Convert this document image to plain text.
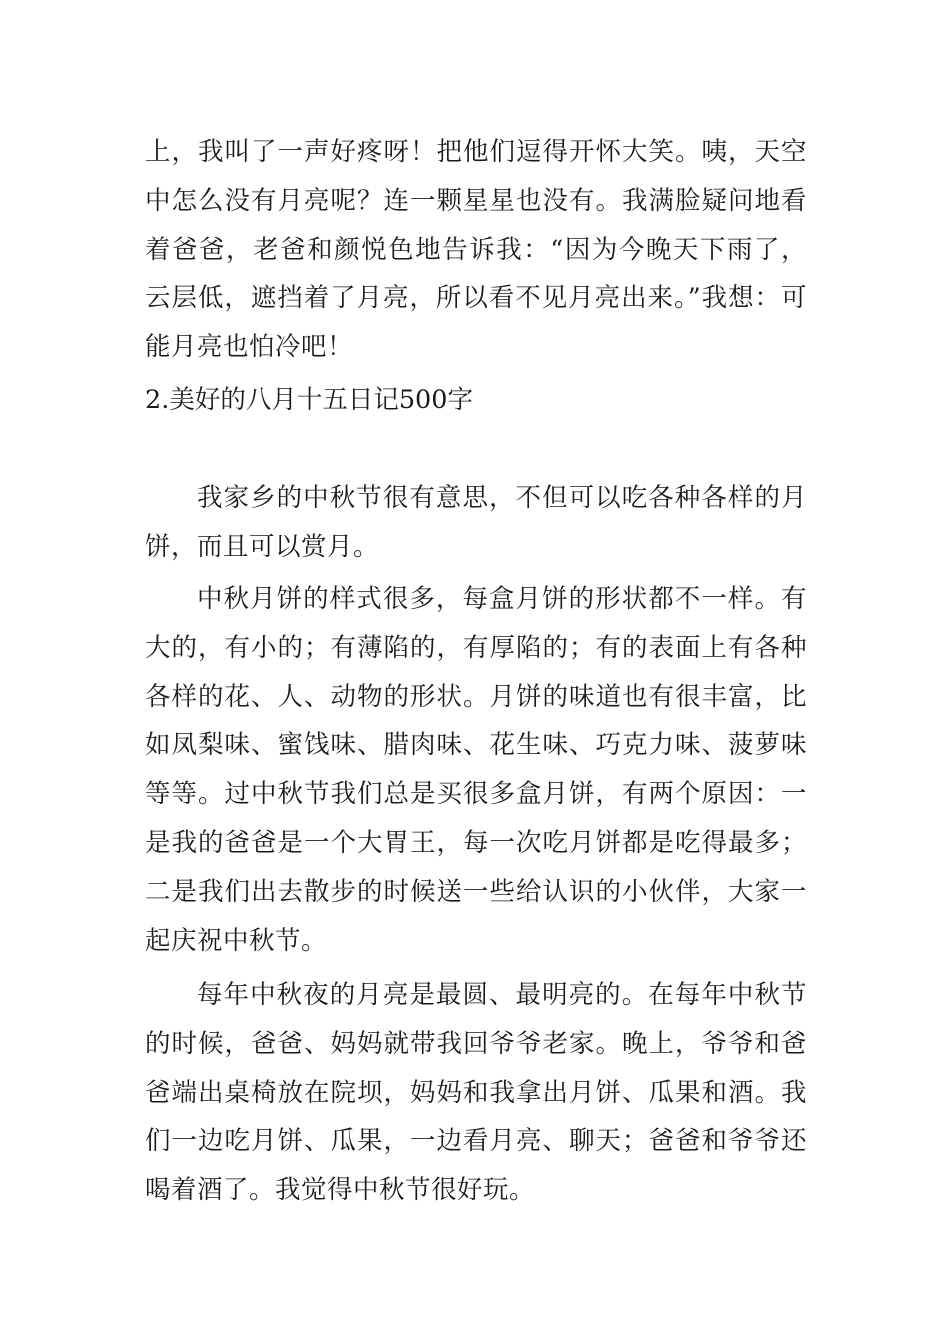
上，我叫了一声好疼呀！把他们逗得开怀大笑。咦，天空中怎么没有月亮呢？连一颗星星也没有。我满脸疑问地看着爸爸，老爸和颜悦色地告诉我：“因为今晚天下雨了，云层低，遮挡着了月亮，所以看不见月亮出来。”我想：可能月亮也怕冷吧！

2.美好的八月十五日记500字

我家乡的中秋节很有意思，不但可以吃各种各样的月饼，而且可以赏月。

中秋月饼的样式很多，每盒月饼的形状都不一样。有大的，有小的；有薄陷的，有厚陷的；有的表面上有各种各样的花、人、动物的形状。月饼的味道也有很丰富，比如凤梨味、蜜饯味、腊肉味、花生味、巧克力味、菠萝味等等。过中秋节我们总是买很多盒月饼，有两个原因：一是我的爸爸是一个大胃王，每一次吃月饼都是吃得最多；二是我们出去散步的时候送一些给认识的小伙伴，大家一起庆祝中秋节。

每年中秋夜的月亮是最圆、最明亮的。在每年中秋节的时候，爸爸、妈妈就带我回爷爷老家。晚上，爷爷和爸爸端出桌椅放在院坝，妈妈和我拿出月饼、瓜果和酒。我们一边吃月饼、瓜果，一边看月亮、聊天；爸爸和爷爷还喝着酒了。我觉得中秋节很好玩。
